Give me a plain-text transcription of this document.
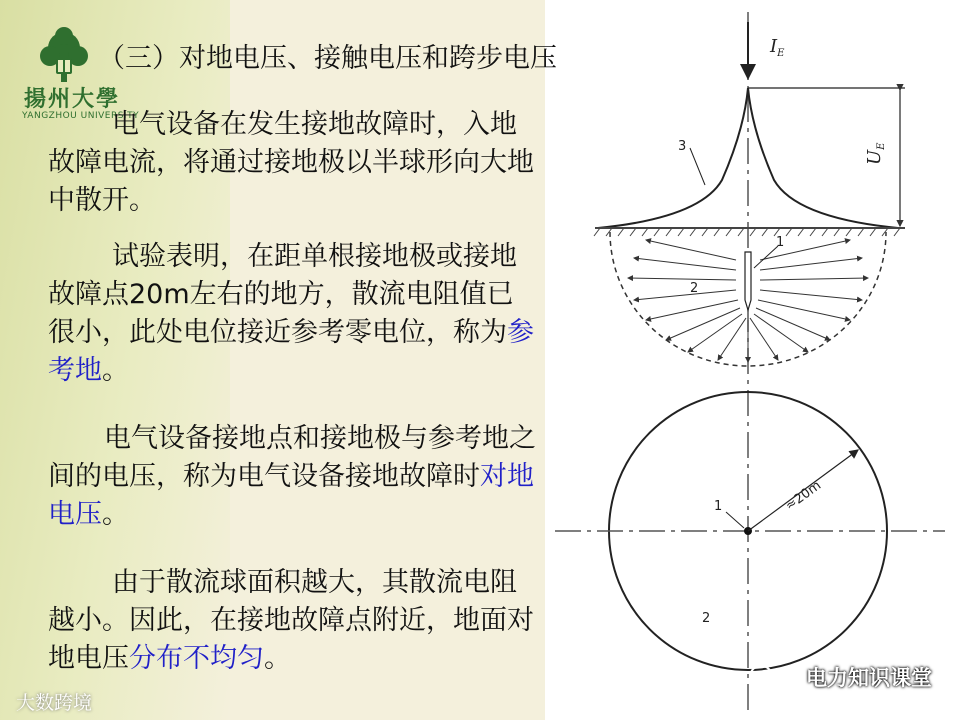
揚州大學
YANGZHOU UNIVERSITY
（三）对地电压、接触电压和跨步电压
电气设备在发生接地故障时，入地故障电流，将通过接地极以半球形向大地中散开。
试验表明，在距单根接地极或接地故障点20m左右的地方，散流电阻值已很小，此处电位接近参考零电位，称为参考地。
电气设备接地点和接地极与参考地之间的电压，称为电气设备接地故障时对地电压。
由于散流球面积越大，其散流电阻越小。因此，在接地故障点附近，地面对地电压分布不均匀。
$I_E$
$U_E$
3
1
2
≈20m
1
2
电力知识课堂
大数跨境
